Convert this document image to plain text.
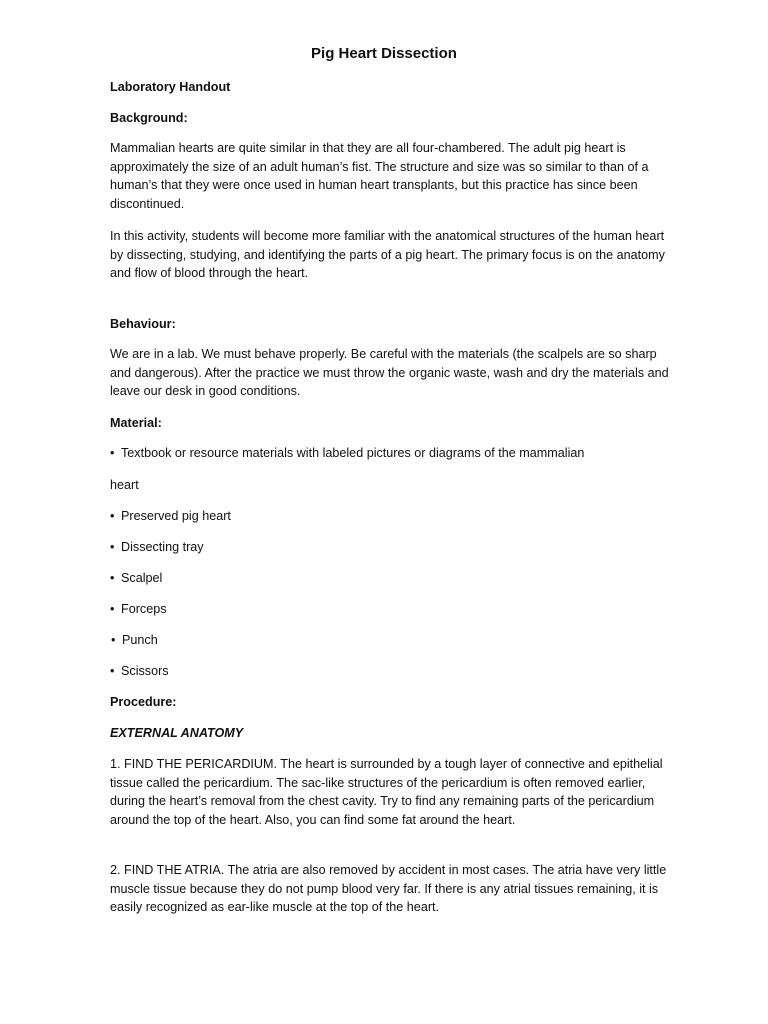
Pig Heart Dissection

Laboratory Handout

Background:

Mammalian hearts are quite similar in that they are all four-chambered. The adult pig heart is approximately the size of an adult human’s fist. The structure and size was so similar to than of a human’s that they were once used in human heart transplants, but this practice has since been discontinued.

In this activity, students will become more familiar with the anatomical structures of the human heart by dissecting, studying, and identifying the parts of a pig heart. The primary focus is on the anatomy and flow of blood through the heart.

Behaviour:

We are in a lab. We must behave properly. Be careful with the materials (the scalpels are so sharp and dangerous). After the practice we must throw the organic waste, wash and dry the materials and leave our desk in good conditions.

Material:

• Textbook or resource materials with labeled pictures or diagrams of the mammalian

heart

• Preserved pig heart
• Dissecting tray
• Scalpel
• Forceps
• Punch
• Scissors

Procedure:

EXTERNAL ANATOMY

1. FIND THE PERICARDIUM. The heart is surrounded by a tough layer of connective and epithelial tissue called the pericardium. The sac-like structures of the pericardium is often removed earlier, during the heart’s removal from the chest cavity. Try to find any remaining parts of the pericardium around the top of the heart. Also, you can find some fat around the heart.

2. FIND THE ATRIA. The atria are also removed by accident in most cases. The atria have very little muscle tissue because they do not pump blood very far. If there is any atrial tissues remaining, it is easily recognized as ear-like muscle at the top of the heart.
